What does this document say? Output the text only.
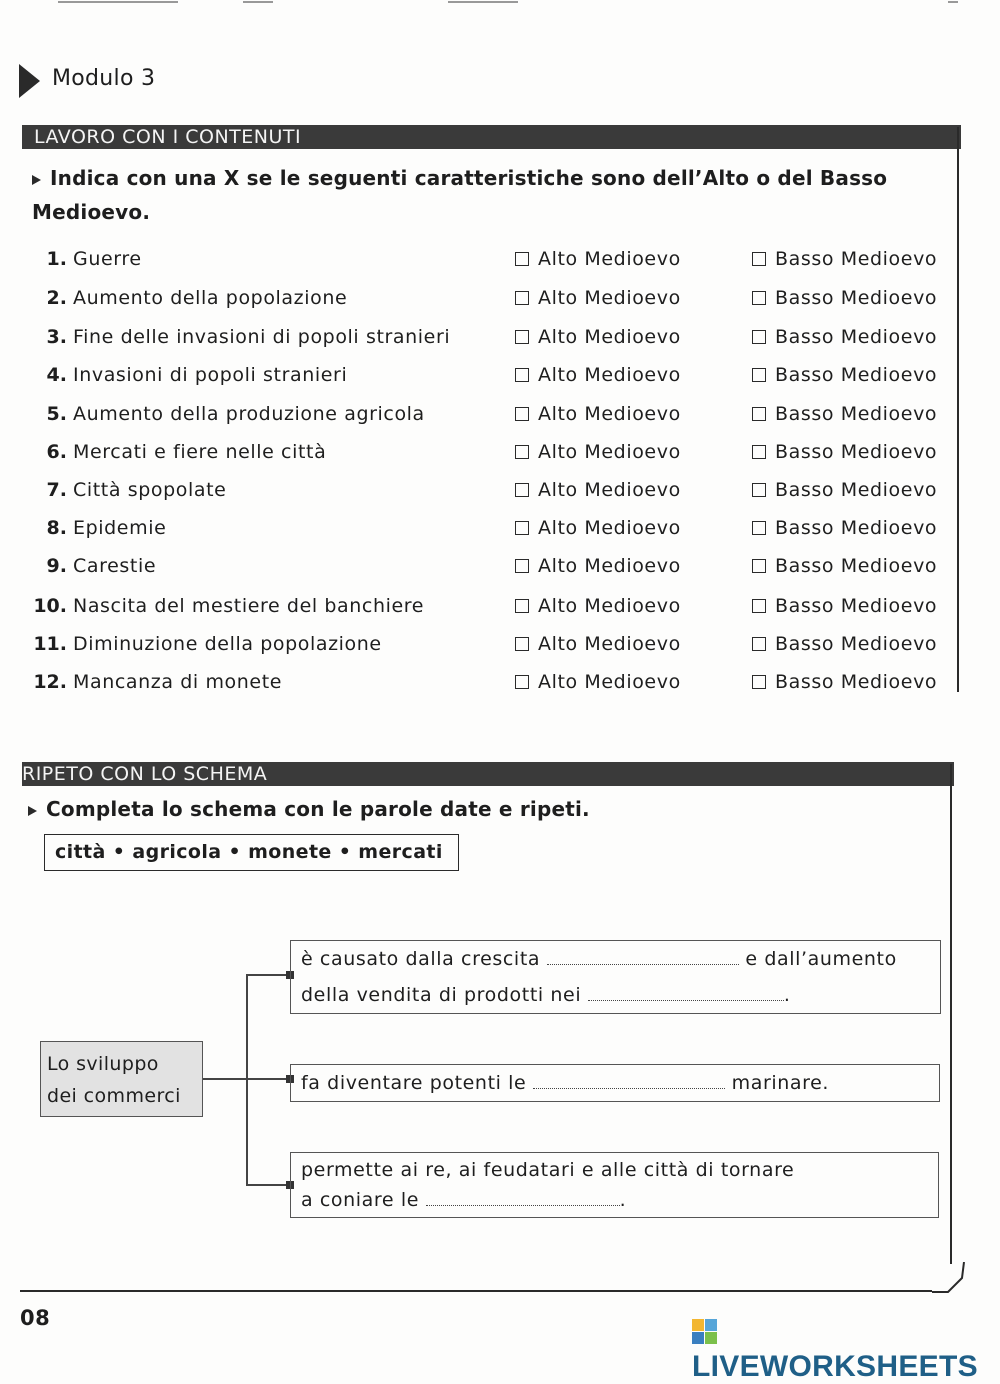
Modulo 3
LAVORO CON I CONTENUTI
Indica con una X se le seguenti caratteristiche sono dell’Alto o del Basso Medioevo.
1. Guerre	Alto Medioevo	Basso Medioevo
2. Aumento della popolazione	Alto Medioevo	Basso Medioevo
3. Fine delle invasioni di popoli stranieri	Alto Medioevo	Basso Medioevo
4. Invasioni di popoli stranieri	Alto Medioevo	Basso Medioevo
5. Aumento della produzione agricola	Alto Medioevo	Basso Medioevo
6. Mercati e fiere nelle città	Alto Medioevo	Basso Medioevo
7. Città spopolate	Alto Medioevo	Basso Medioevo
8. Epidemie	Alto Medioevo	Basso Medioevo
9. Carestie	Alto Medioevo	Basso Medioevo
10. Nascita del mestiere del banchiere	Alto Medioevo	Basso Medioevo
11. Diminuzione della popolazione	Alto Medioevo	Basso Medioevo
12. Mancanza di monete	Alto Medioevo	Basso Medioevo
RIPETO CON LO SCHEMA
Completa lo schema con le parole date e ripeti.
città • agricola • monete • mercati
Lo sviluppo
dei commerci
è causato dalla crescita	e dall’aumento
della vendita di prodotti nei	.
fa diventare potenti le	marinare.
permette ai re, ai feudatari e alle città di tornare
a coniare le	.
08
LIVEWORKSHEETS
